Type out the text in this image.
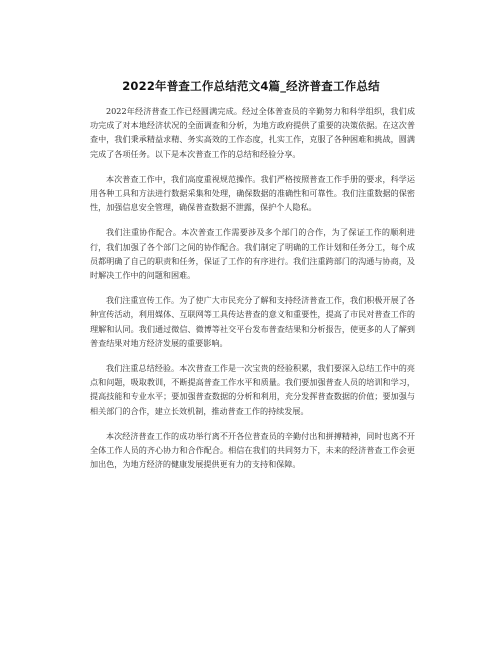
2022年普查工作总结范文4篇_经济普查工作总结

2022年经济普查工作已经圆满完成。经过全体普查员的辛勤努力和科学组织，我们成功完成了对本地经济状况的全面调查和分析，为地方政府提供了重要的决策依据。在这次普查中，我们秉承精益求精、务实高效的工作态度，扎实工作，克服了各种困难和挑战，圆满完成了各项任务。以下是本次普查工作的总结和经验分享。

本次普查工作中，我们高度重视规范操作。我们严格按照普查工作手册的要求，科学运用各种工具和方法进行数据采集和处理，确保数据的准确性和可靠性。我们注重数据的保密性，加强信息安全管理，确保普查数据不泄露，保护个人隐私。

我们注重协作配合。本次普查工作需要涉及多个部门的合作，为了保证工作的顺利进行，我们加强了各个部门之间的协作配合。我们制定了明确的工作计划和任务分工，每个成员都明确了自己的职责和任务，保证了工作的有序进行。我们注重跨部门的沟通与协商，及时解决工作中的问题和困难。

我们注重宣传工作。为了使广大市民充分了解和支持经济普查工作，我们积极开展了各种宣传活动，利用媒体、互联网等工具传达普查的意义和重要性，提高了市民对普查工作的理解和认同。我们通过微信、微博等社交平台发布普查结果和分析报告，使更多的人了解到普查结果对地方经济发展的重要影响。

我们注重总结经验。本次普查工作是一次宝贵的经验积累，我们要深入总结工作中的亮点和问题，吸取教训，不断提高普查工作水平和质量。我们要加强普查人员的培训和学习，提高技能和专业水平；要加强普查数据的分析和利用，充分发挥普查数据的价值；要加强与相关部门的合作，建立长效机制，推动普查工作的持续发展。

本次经济普查工作的成功举行离不开各位普查员的辛勤付出和拼搏精神，同时也离不开全体工作人员的齐心协力和合作配合。相信在我们的共同努力下，未来的经济普查工作会更加出色，为地方经济的健康发展提供更有力的支持和保障。
